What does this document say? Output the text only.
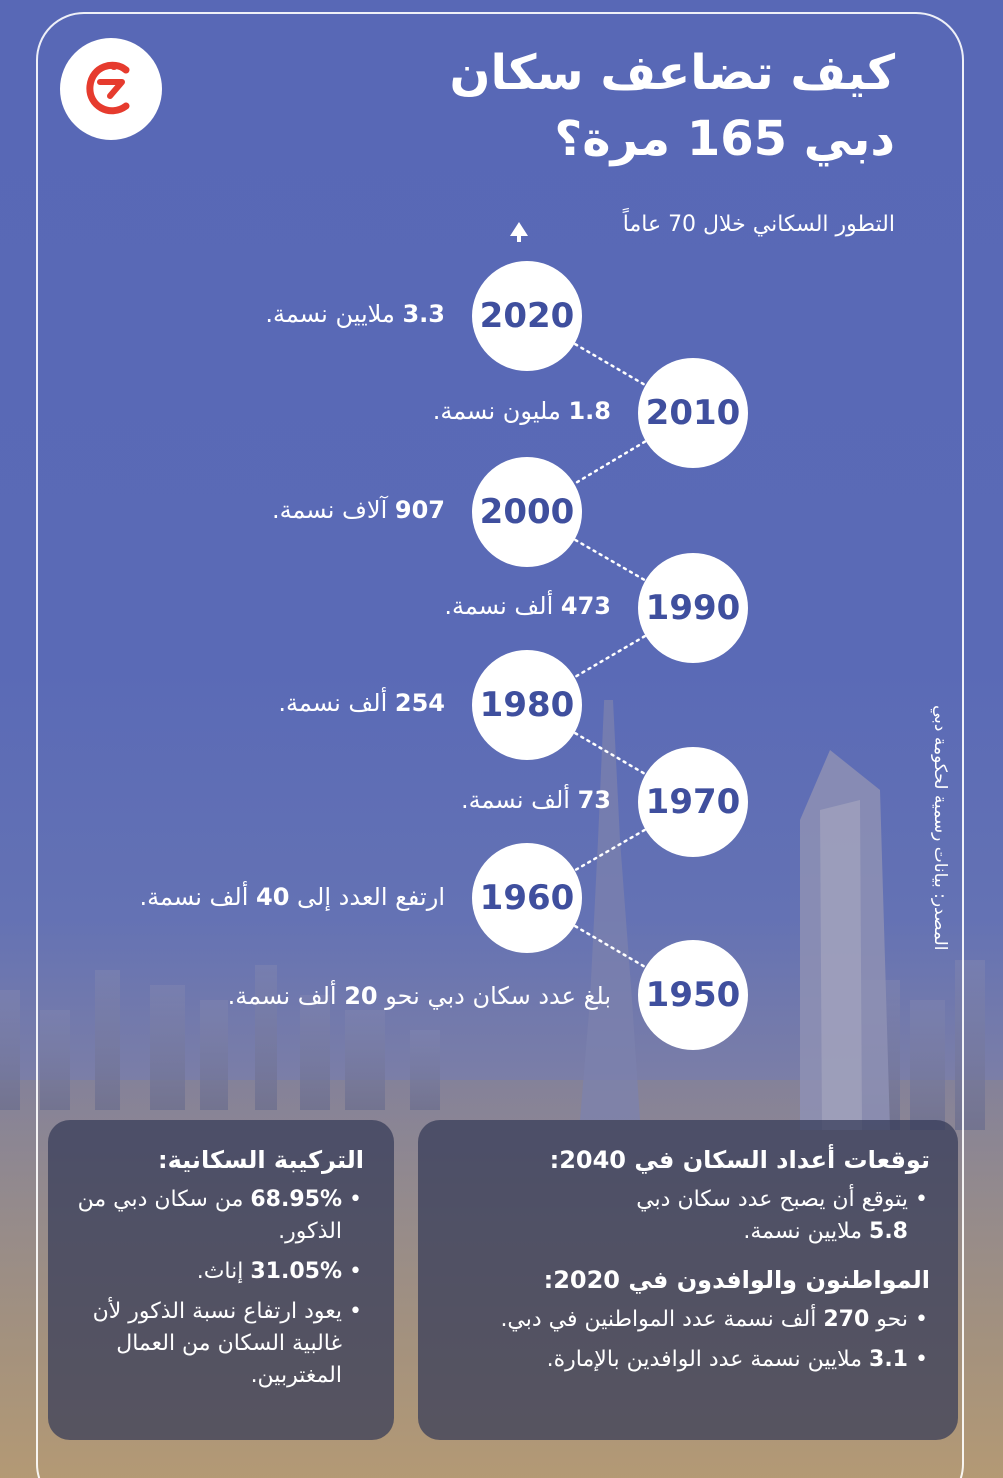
كيف تضاعف سكان
دبي 165 مرة؟
التطور السكاني خلال 70 عاماً
2020
2010
2000
1990
1980
1970
1960
1950
3.3 ملايين نسمة.
1.8 مليون نسمة.
907 آلاف نسمة.
473 ألف نسمة.
254 ألف نسمة.
73 ألف نسمة.
ارتفع العدد إلى 40 ألف نسمة.
بلغ عدد سكان دبي نحو 20 ألف نسمة.
المصدر: بيانات رسمية لحكومة دبي
توقعات أعداد السكان في 2040:
• يتوقع أن يصبح عدد سكان دبي
5.8 ملايين نسمة.
المواطنون والوافدون في 2020:
• نحو 270 ألف نسمة عدد المواطنين في دبي.
• 3.1 ملايين نسمة عدد الوافدين بالإمارة.
التركيبة السكانية:
• 68.95% من سكان دبي من الذكور.
• 31.05% إناث.
• يعود ارتفاع نسبة الذكور لأن غالبية السكان من العمال المغتربين.
